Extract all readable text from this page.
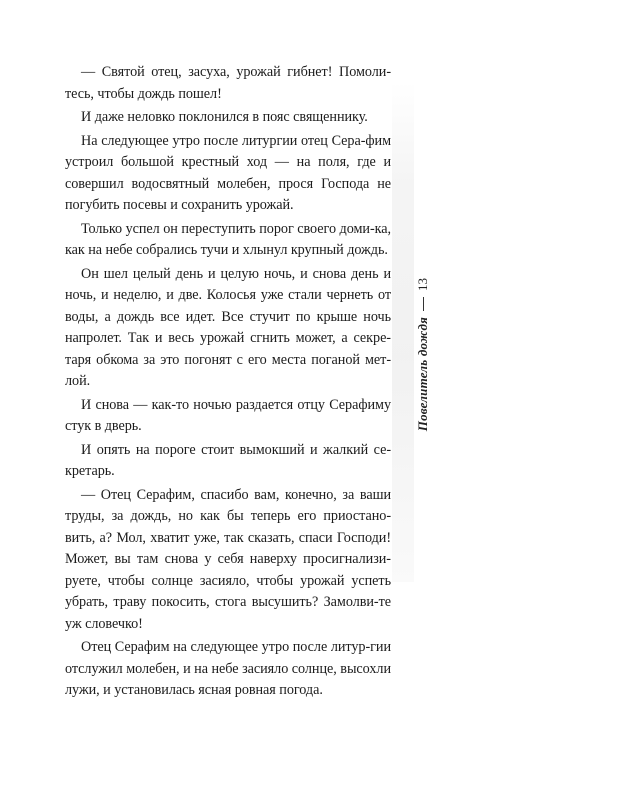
— Святой отец, засуха, урожай гибнет! Помоли-тесь, чтобы дождь пошел!

И даже неловко поклонился в пояс священнику.

На следующее утро после литургии отец Сера-фим устроил большой крестный ход — на поля, где и совершил водосвятный молебен, прося Господа не погубить посевы и сохранить урожай.

Только успел он переступить порог своего доми-ка, как на небе собрались тучи и хлынул крупный дождь.

Он шел целый день и целую ночь, и снова день и ночь, и неделю, и две. Колосья уже стали чернеть от воды, а дождь все идет. Все стучит по крыше ночь напролет. Так и весь урожай сгнить может, а секре-таря обкома за это погонят с его места поганой мет-лой.

И снова — как-то ночью раздается отцу Серафиму стук в дверь.

И опять на пороге стоит вымокший и жалкий се-кретарь.

— Отец Серафим, спасибо вам, конечно, за ваши труды, за дождь, но как бы теперь его приостано-вить, а? Мол, хватит уже, так сказать, спаси Господи! Может, вы там снова у себя наверху просигнализи-руете, чтобы солнце засияло, чтобы урожай успеть убрать, траву покосить, стога высушить? Замолви-те уж словечко!

Отец Серафим на следующее утро после литур-гии отслужил молебен, и на небе засияло солнце, высохли лужи, и установилась ясная ровная погода.

13
Повелитель дождя
